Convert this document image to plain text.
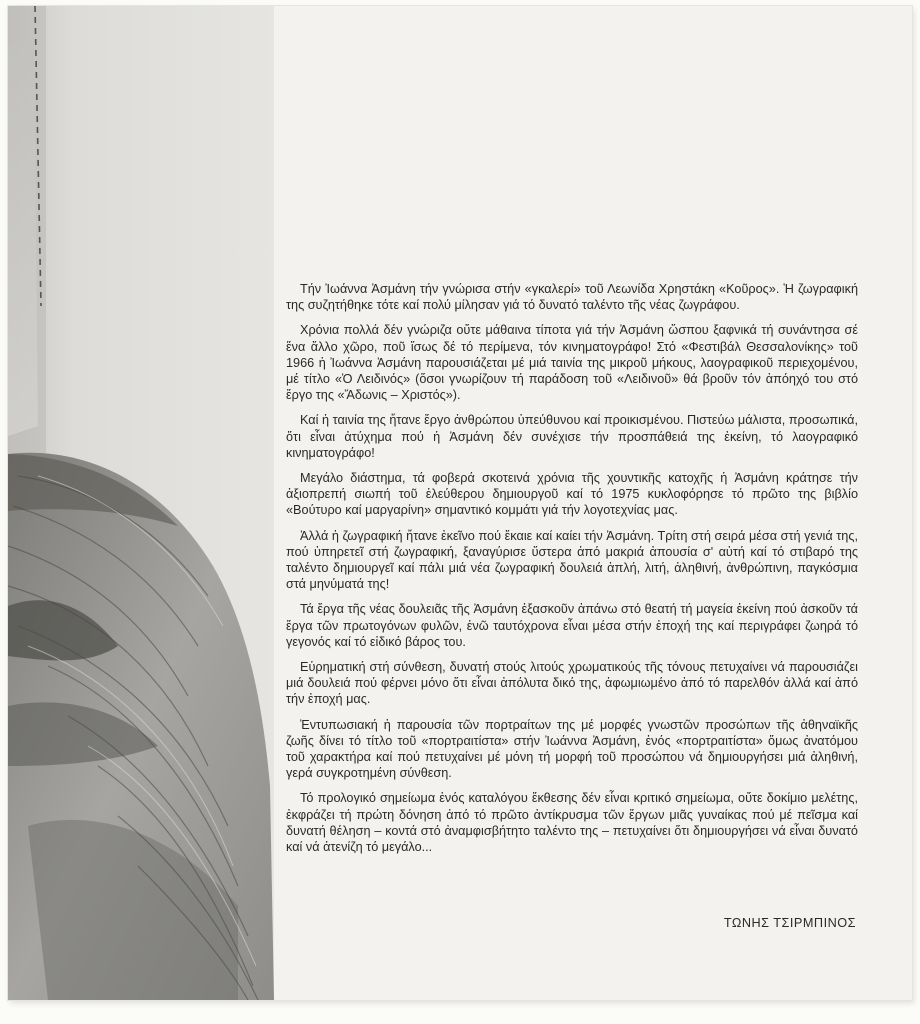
Τήν Ἰωάννα Ἀσμάνη τήν γνώρισα στήν «γκαλερί» τοῦ Λεωνίδα Χρηστάκη «Κοῦρος». Ἡ ζωγραφική της συζητήθηκε τότε καί πολύ μίλησαν γιά τό δυνατό ταλέντο τῆς νέας ζωγράφου.

Χρόνια πολλά δέν γνώριζα οὔτε μάθαινα τίποτα γιά τήν Ἀσμάνη ὥσπου ξαφνικά τή συνάντησα σέ ἕνα ἄλλο χῶρο, ποῦ ἴσως δέ τό περίμενα, τόν κινηματογράφο! Στό «Φεστιβάλ Θεσσαλονίκης» τοῦ 1966 ἡ Ἰωάννα Ἀσμάνη παρουσιάζεται μέ μιά ταινία της μικροῦ μήκους, λαογραφικοῦ περιεχομένου, μέ τίτλο «Ὁ Λειδινός» (ὅσοι γνωρίζουν τή παράδοση τοῦ «Λειδινοῦ» θά βροῦν τόν ἀπόηχό του στό ἔργο της «Ἄδωνις – Χριστός»).

Καί ἡ ταινία της ἤτανε ἔργο ἀνθρώπου ὑπεύθυνου καί προικισμένου. Πιστεύω μάλιστα, προσωπικά, ὅτι εἶναι ἀτύχημα πού ἡ Ἀσμάνη δέν συνέχισε τήν προσπάθειά της ἐκείνη, τό λαογραφικό κινηματογράφο!

Μεγάλο διάστημα, τά φοβερά σκοτεινά χρόνια τῆς χουντικῆς κατοχῆς ἡ Ἀσμάνη κράτησε τήν ἀξιοπρεπή σιωπή τοῦ ἐλεύθερου δημιουργοῦ καί τό 1975 κυκλοφόρησε τό πρῶτο της βιβλίο «Βούτυρο καί μαργαρίνη» σημαντικό κομμάτι γιά τήν λογοτεχνίας μας.

Ἀλλά ἡ ζωγραφική ἤτανε ἐκεῖνο πού ἔκαιε καί καίει τήν Ἀσμάνη. Τρίτη στή σειρά μέσα στή γενιά της, πού ὑπηρετεῖ στή ζωγραφική, ξαναγύρισε ὕστερα ἀπό μακριά ἀπουσία σ' αὐτή καί τό στιβαρό της ταλέντο δημιουργεῖ καί πάλι μιά νέα ζωγραφική δουλειά ἁπλή, λιτή, ἀληθινή, ἀνθρώπινη, παγκόσμια στά μηνύματά της!

Τά ἔργα τῆς νέας δουλειᾶς τῆς Ἀσμάνη ἐξασκοῦν ἀπάνω στό θεατή τή μαγεία ἐκείνη πού ἀσκοῦν τά ἔργα τῶν πρωτογόνων φυλῶν, ἐνῶ ταυτόχρονα εἶναι μέσα στήν ἐποχή της καί περιγράφει ζωηρά τό γεγονός καί τό εἰδικό βάρος του.

Εὑρηματική στή σύνθεση, δυνατή στούς λιτούς χρωματικούς τῆς τόνους πετυχαίνει νά παρουσιάζει μιά δουλειά πού φέρνει μόνο ὅτι εἶναι ἀπόλυτα δικό της, ἀφωμιωμένο ἀπό τό παρελθόν ἀλλά καί ἀπό τήν ἐποχή μας.

Ἐντυπωσιακή ἡ παρουσία τῶν πορτραίτων της μέ μορφές γνωστῶν προσώπων τῆς ἀθηναϊκῆς ζωῆς δίνει τό τίτλο τοῦ «πορτραιτίστα» στήν Ἰωάννα Ἀσμάνη, ἑνός «πορτραιτίστα» ὅμως ἀνατόμου τοῦ χαρακτήρα καί πού πετυχαίνει μέ μόνη τή μορφή τοῦ προσώπου νά δημιουργήσει μιά ἀληθινή, γερά συγκροτημένη σύνθεση.

Τό προλογικό σημείωμα ἑνός καταλόγου ἔκθεσης δέν εἶναι κριτικό σημείωμα, οὔτε δοκίμιο μελέτης, ἐκφράζει τή πρώτη δόνηση ἀπό τό πρῶτο ἀντίκρυσμα τῶν ἔργων μιᾶς γυναίκας πού μέ πεῖσμα καί δυνατή θέληση – κοντά στό ἀναμφισβήτητο ταλέντο της – πετυχαίνει ὅτι δημιουργήσει νά εἶναι δυνατό καί νά ἀτενίζη τό μεγάλο...

ΤΩΝΗΣ ΤΣΙΡΜΠΙΝΟΣ
